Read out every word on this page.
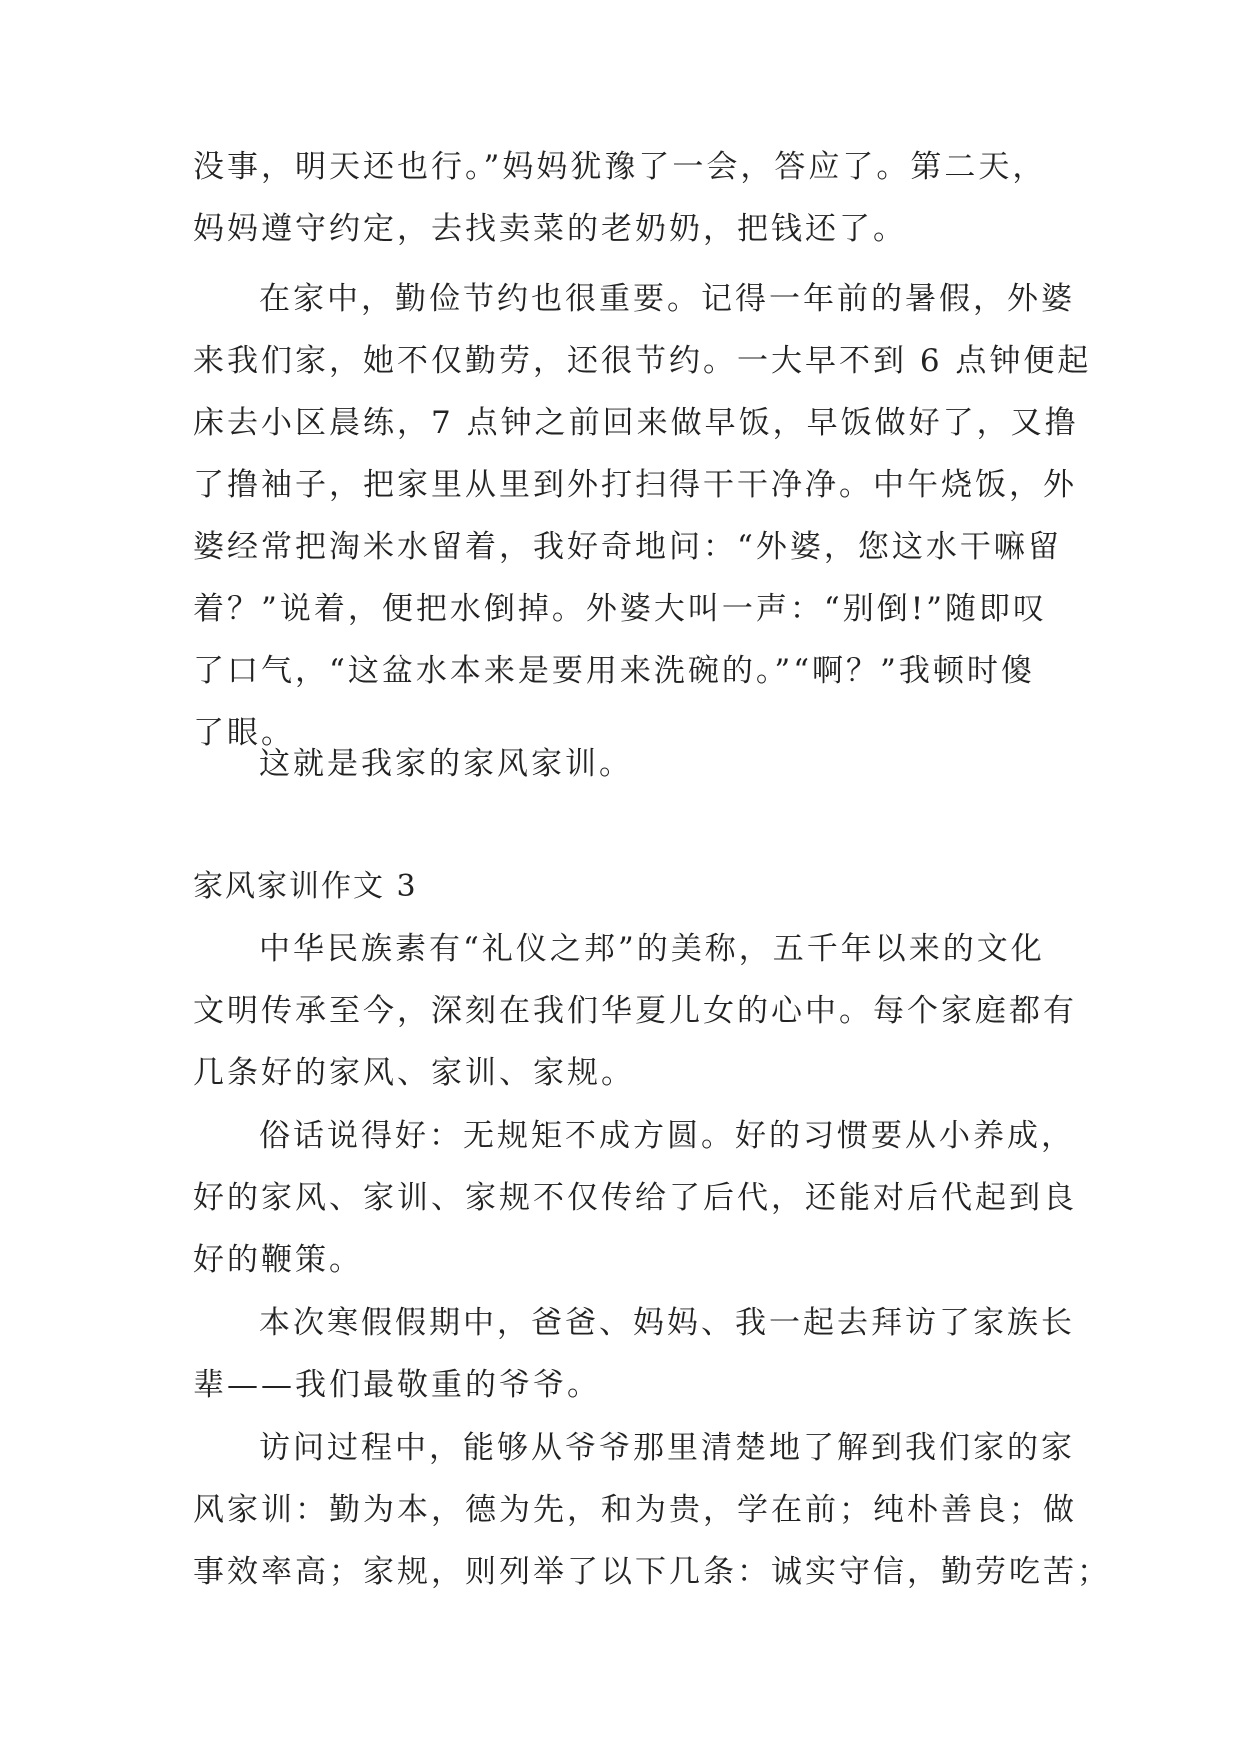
没事，明天还也行。”妈妈犹豫了一会，答应了。第二天，
妈妈遵守约定，去找卖菜的老奶奶，把钱还了。
在家中，勤俭节约也很重要。记得一年前的暑假，外婆
来我们家，她不仅勤劳，还很节约。一大早不到 6 点钟便起
床去小区晨练，7 点钟之前回来做早饭，早饭做好了，又撸
了撸袖子，把家里从里到外打扫得干干净净。中午烧饭，外
婆经常把淘米水留着，我好奇地问：“外婆，您这水干嘛留
着？”说着，便把水倒掉。外婆大叫一声：“别倒!”随即叹
了口气，“这盆水本来是要用来洗碗的。”“啊？”我顿时傻
了眼。
这就是我家的家风家训。
家风家训作文 3
中华民族素有“礼仪之邦”的美称，五千年以来的文化
文明传承至今，深刻在我们华夏儿女的心中。每个家庭都有
几条好的家风、家训、家规。
俗话说得好：无规矩不成方圆。好的习惯要从小养成，
好的家风、家训、家规不仅传给了后代，还能对后代起到良
好的鞭策。
本次寒假假期中，爸爸、妈妈、我一起去拜访了家族长
辈——我们最敬重的爷爷。
访问过程中，能够从爷爷那里清楚地了解到我们家的家
风家训：勤为本，德为先，和为贵，学在前；纯朴善良；做
事效率高；家规，则列举了以下几条：诚实守信，勤劳吃苦；
